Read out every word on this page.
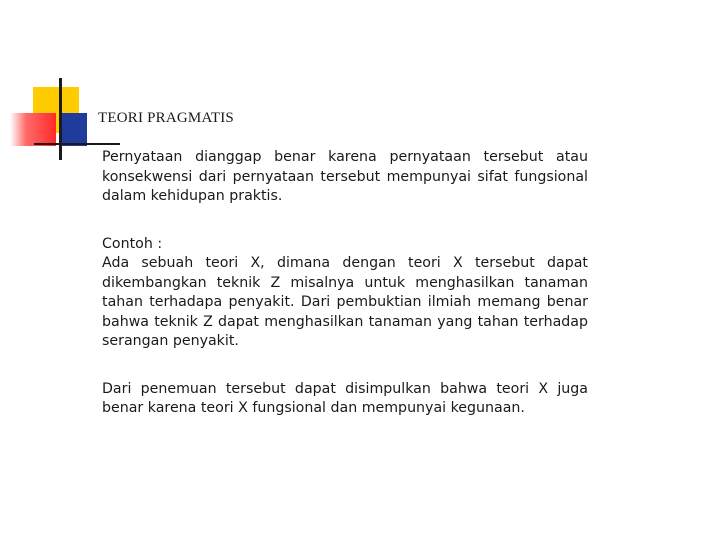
TEORI PRAGMATIS

Pernyataan dianggap benar karena pernyataan tersebut atau konsekwensi dari pernyataan tersebut mempunyai sifat fungsional dalam kehidupan praktis.

Contoh :

Ada sebuah teori X, dimana dengan teori X tersebut dapat dikembangkan teknik Z misalnya untuk menghasilkan tanaman tahan terhadapa penyakit. Dari pembuktian ilmiah memang benar bahwa teknik Z dapat menghasilkan tanaman yang tahan terhadap serangan penyakit.

Dari penemuan tersebut dapat disimpulkan bahwa teori X juga benar karena teori X fungsional dan mempunyai kegunaan.
